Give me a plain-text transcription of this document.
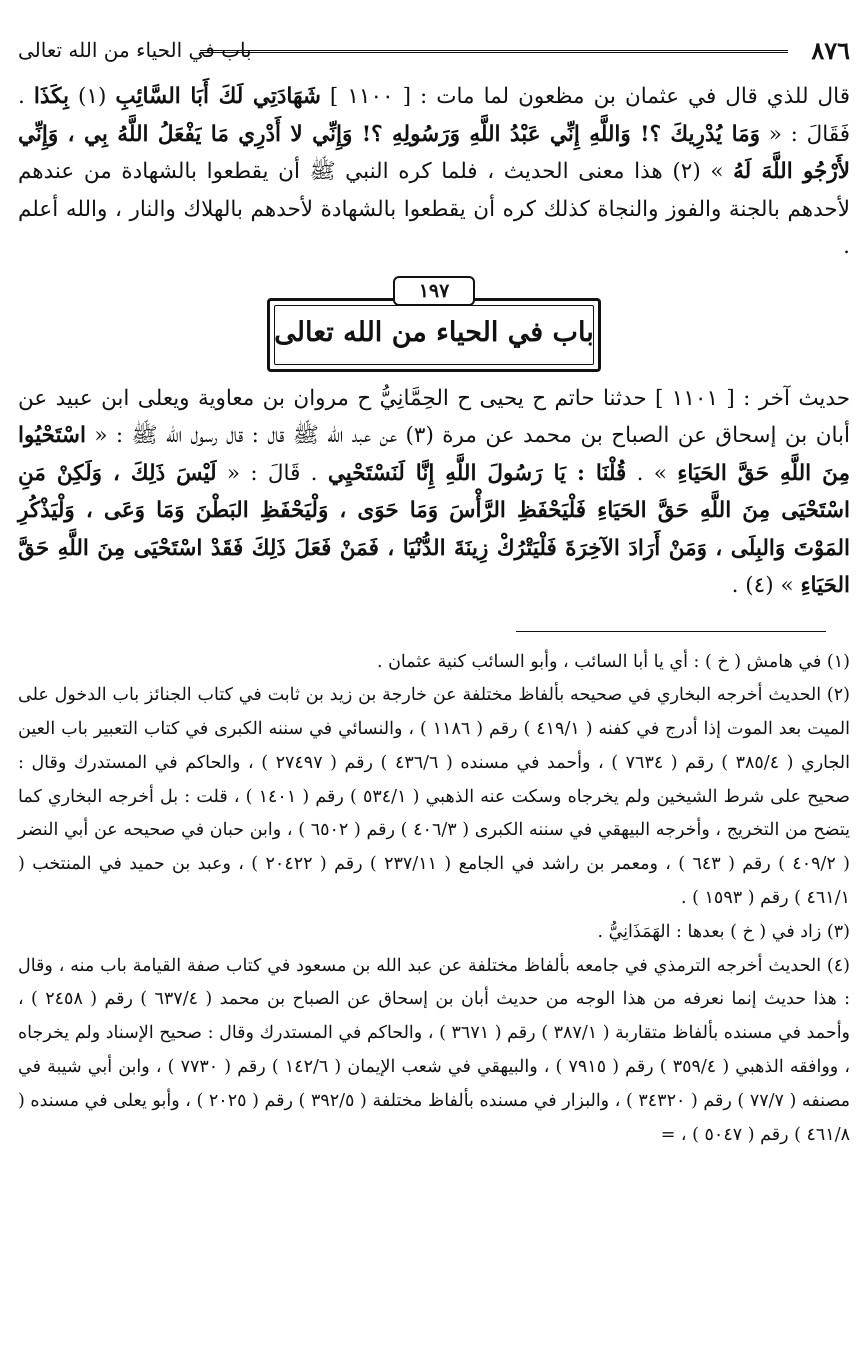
٨٧٦
باب في الحياء من الله تعالى

قال للذي قال في عثمان بن مظعون لما مات : [ ١١٠٠ ] شَهَادَتِي لَكَ أَبَا السَّائِبِ (١) بِكَذَا . فَقَالَ : « وَمَا يُدْرِيكَ ؟! وَاللَّهِ إِنِّي عَبْدُ اللَّهِ وَرَسُولِهِ ؟! وَإِنِّي لا أَدْرِي مَا يَفْعَلُ اللَّهُ بِي ، وَإِنِّي لأَرْجُو اللَّهَ لَهُ » (٢) هذا معنى الحديث ، فلما كره النبي ﷺ أن يقطعوا بالشهادة من عندهم لأحدهم بالجنة والفوز والنجاة كذلك كره أن يقطعوا بالشهادة لأحدهم بالهلاك والنار ، والله أعلم .

١٩٧
باب في الحياء من الله تعالى

حديث آخر : [ ١١٠١ ] حدثنا حاتم ح يحيى ح الحِمَّانِيُّ ح مروان بن معاوية ويعلى ابن عبيد عن أبان بن إسحاق عن الصباح بن محمد عن مرة (٣) عن عبد الله ﷺ قال : قال رسول الله ﷺ : « اسْتَحْيُوا مِنَ اللَّهِ حَقَّ الحَيَاءِ » . قُلْنَا : يَا رَسُولَ اللَّهِ إِنَّا لَنَسْتَحْيِي . قَالَ : « لَيْسَ ذَلِكَ ، وَلَكِنْ مَنِ اسْتَحْيَى مِنَ اللَّهِ حَقَّ الحَيَاءِ فَلْيَحْفَظِ الرَّأْسَ وَمَا حَوَى ، وَلْيَحْفَظِ البَطْنَ وَمَا وَعَى ، وَلْيَذْكُرِ المَوْتَ وَالبِلَى ، وَمَنْ أَرَادَ الآخِرَةَ فَلْيَتْرُكْ زِينَةَ الدُّنْيَا ، فَمَنْ فَعَلَ ذَلِكَ فَقَدْ اسْتَحْيَى مِنَ اللَّهِ حَقَّ الحَيَاءِ » (٤) .

(١) في هامش ( خ ) : أي يا أبا السائب ، وأبو السائب كنية عثمان .

(٢) الحديث أخرجه البخاري في صحيحه بألفاظ مختلفة عن خارجة بن زيد بن ثابت في كتاب الجنائز باب الدخول على الميت بعد الموت إذا أدرج في كفنه ( ٤١٩/١ ) رقم ( ١١٨٦ ) ، والنسائي في سننه الكبرى في كتاب التعبير باب العين الجاري ( ٣٨٥/٤ ) رقم ( ٧٦٣٤ ) ، وأحمد في مسنده ( ٤٣٦/٦ ) رقم ( ٢٧٤٩٧ ) ، والحاكم في المستدرك وقال : صحيح على شرط الشيخين ولم يخرجاه وسكت عنه الذهبي ( ٥٣٤/١ ) رقم ( ١٤٠١ ) ، قلت : بل أخرجه البخاري كما يتضح من التخريج ، وأخرجه البيهقي في سننه الكبرى ( ٤٠٦/٣ ) رقم ( ٦٥٠٢ ) ، وابن حبان في صحيحه عن أبي النضر ( ٤٠٩/٢ ) رقم ( ٦٤٣ ) ، ومعمر بن راشد في الجامع ( ٢٣٧/١١ ) رقم ( ٢٠٤٢٢ ) ، وعبد بن حميد في المنتخب ( ٤٦١/١ ) رقم ( ١٥٩٣ ) .

(٣) زاد في ( خ ) بعدها : الهَمَذَانِيُّ .

(٤) الحديث أخرجه الترمذي في جامعه بألفاظ مختلفة عن عبد الله بن مسعود في كتاب صفة القيامة باب منه ، وقال : هذا حديث إنما نعرفه من هذا الوجه من حديث أبان بن إسحاق عن الصباح بن محمد ( ٦٣٧/٤ ) رقم ( ٢٤٥٨ ) ، وأحمد في مسنده بألفاظ متقاربة ( ٣٨٧/١ ) رقم ( ٣٦٧١ ) ، والحاكم في المستدرك وقال : صحيح الإسناد ولم يخرجاه ، ووافقه الذهبي ( ٣٥٩/٤ ) رقم ( ٧٩١٥ ) ، والبيهقي في شعب الإيمان ( ١٤٢/٦ ) رقم ( ٧٧٣٠ ) ، وابن أبي شيبة في مصنفه ( ٧٧/٧ ) رقم ( ٣٤٣٢٠ ) ، والبزار في مسنده بألفاظ مختلفة ( ٣٩٢/٥ ) رقم ( ٢٠٢٥ ) ، وأبو يعلى في مسنده ( ٤٦١/٨ ) رقم ( ٥٠٤٧ ) ، =
